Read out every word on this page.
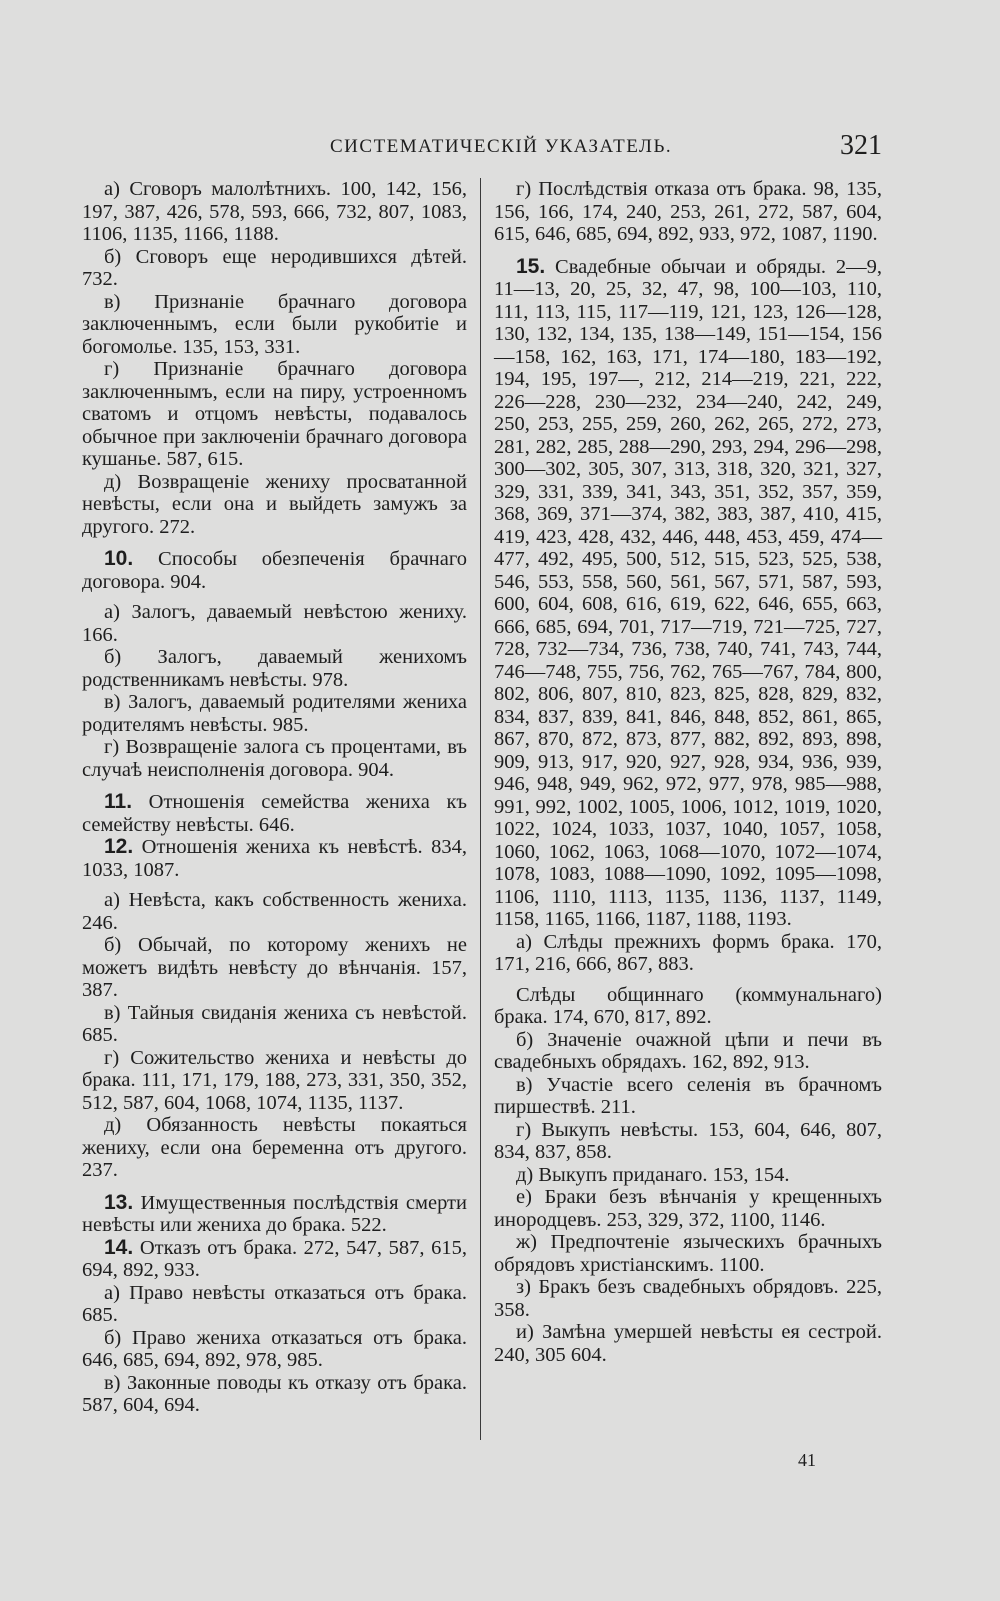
СИСТЕМАТИЧЕСКІЙ УКАЗАТЕЛЬ.	321

а) Сговоръ малолѣтнихъ. 100, 142, 156, 197, 387, 426, 578, 593, 666, 732, 807, 1083, 1106, 1135, 1166, 1188.

б) Сговоръ еще неродившихся дѣтей. 732.

в) Признаніе брачнаго договора заключеннымъ, если были рукобитіе и богомолье. 135, 153, 331.

г) Признаніе брачнаго договора заключеннымъ, если на пиру, устроенномъ сватомъ и отцомъ невѣсты, подавалось обычное при заключеніи брачнаго договора кушанье. 587, 615.

д) Возвращеніе жениху просватанной невѣсты, если она и выйдеть замужъ за другого. 272.

10. Способы обезпеченія брачнаго договора. 904.

а) Залогъ, даваемый невѣстою жениху. 166.

б) Залогъ, даваемый женихомъ родственникамъ невѣсты. 978.

в) Залогъ, даваемый родителями жениха родителямъ невѣсты. 985.

г) Возвращеніе залога съ процентами, въ случаѣ неисполненія договора. 904.

11. Отношенія семейства жениха къ семейству невѣсты. 646.

12. Отношенія жениха къ невѣстѣ. 834, 1033, 1087.

а) Невѣста, какъ собственность жениха. 246.

б) Обычай, по которому женихъ не можетъ видѣть невѣсту до вѣнчанія. 157, 387.

в) Тайныя свиданія жениха съ невѣстой. 685.

г) Сожительство жениха и невѣсты до брака. 111, 171, 179, 188, 273, 331, 350, 352, 512, 587, 604, 1068, 1074, 1135, 1137.

д) Обязанность невѣсты покаяться жениху, если она беременна отъ другого. 237.

13. Имущественныя послѣдствія смерти невѣсты или жениха до брака. 522.

14. Отказъ отъ брака. 272, 547, 587, 615, 694, 892, 933.

а) Право невѣсты отказаться отъ брака. 685.

б) Право жениха отказаться отъ брака. 646, 685, 694, 892, 978, 985.

в) Законные поводы къ отказу отъ брака. 587, 604, 694.

г) Послѣдствія отказа отъ брака. 98, 135, 156, 166, 174, 240, 253, 261, 272, 587, 604, 615, 646, 685, 694, 892, 933, 972, 1087, 1190.

15. Свадебные обычаи и обряды. 2—9, 11—13, 20, 25, 32, 47, 98, 100—103, 110, 111, 113, 115, 117—119, 121, 123, 126—128, 130, 132, 134, 135, 138—149, 151—154, 156—158, 162, 163, 171, 174—180, 183—192, 194, 195, 197—, 212, 214—219, 221, 222, 226—228, 230—232, 234—240, 242, 249, 250, 253, 255, 259, 260, 262, 265, 272, 273, 281, 282, 285, 288—290, 293, 294, 296—298, 300—302, 305, 307, 313, 318, 320, 321, 327, 329, 331, 339, 341, 343, 351, 352, 357, 359, 368, 369, 371—374, 382, 383, 387, 410, 415, 419, 423, 428, 432, 446, 448, 453, 459, 474—477, 492, 495, 500, 512, 515, 523, 525, 538, 546, 553, 558, 560, 561, 567, 571, 587, 593, 600, 604, 608, 616, 619, 622, 646, 655, 663, 666, 685, 694, 701, 717—719, 721—725, 727, 728, 732—734, 736, 738, 740, 741, 743, 744, 746—748, 755, 756, 762, 765—767, 784, 800, 802, 806, 807, 810, 823, 825, 828, 829, 832, 834, 837, 839, 841, 846, 848, 852, 861, 865, 867, 870, 872, 873, 877, 882, 892, 893, 898, 909, 913, 917, 920, 927, 928, 934, 936, 939, 946, 948, 949, 962, 972, 977, 978, 985—988, 991, 992, 1002, 1005, 1006, 1012, 1019, 1020, 1022, 1024, 1033, 1037, 1040, 1057, 1058, 1060, 1062, 1063, 1068—1070, 1072—1074, 1078, 1083, 1088—1090, 1092, 1095—1098, 1106, 1110, 1113, 1135, 1136, 1137, 1149, 1158, 1165, 1166, 1187, 1188, 1193.

а) Слѣды прежнихъ формъ брака. 170, 171, 216, 666, 867, 883.

Слѣды общиннаго (коммунальнаго) брака. 174, 670, 817, 892.

б) Значеніе очажной цѣпи и печи въ свадебныхъ обрядахъ. 162, 892, 913.

в) Участіе всего селенія въ брачномъ пиршествѣ. 211.

г) Выкупъ невѣсты. 153, 604, 646, 807, 834, 837, 858.

д) Выкупъ приданаго. 153, 154.

е) Браки безъ вѣнчанія у крещенныхъ инородцевъ. 253, 329, 372, 1100, 1146.

ж) Предпочтеніе языческихъ брачныхъ обрядовъ христіанскимъ. 1100.

з) Бракъ безъ свадебныхъ обрядовъ. 225, 358.

и) Замѣна умершей невѣсты ея сестрой. 240, 305 604.

41
